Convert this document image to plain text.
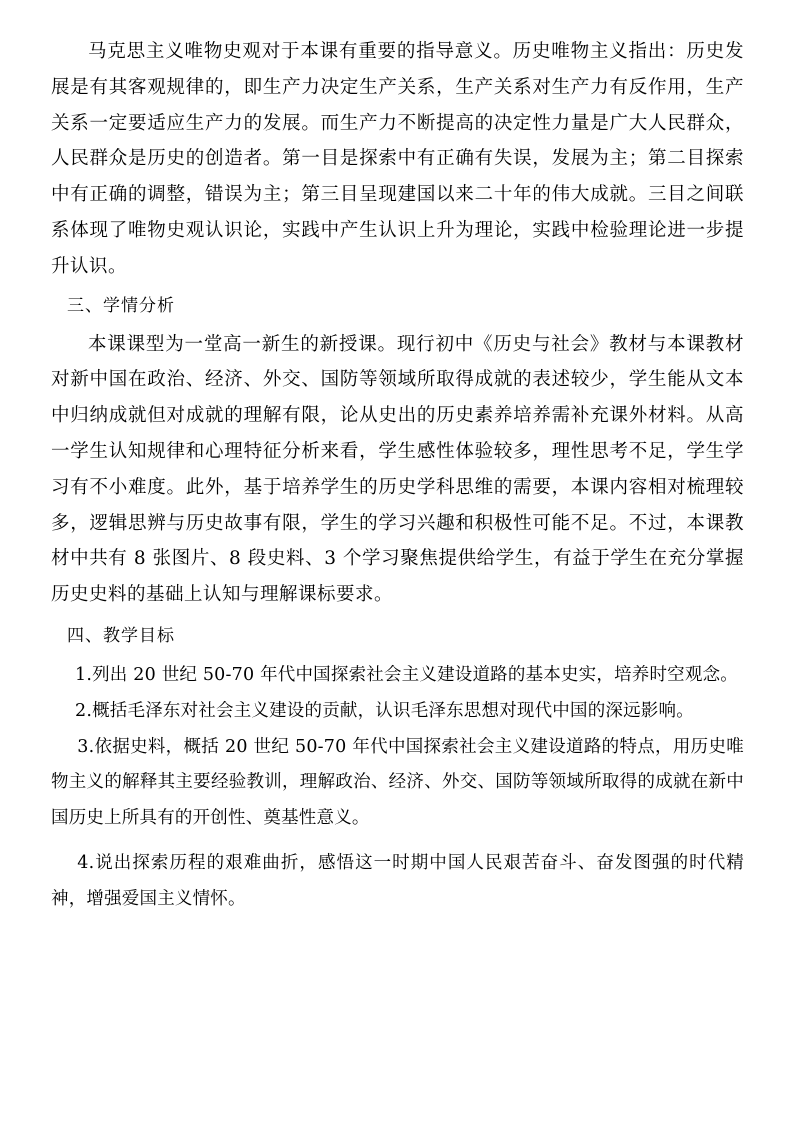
马克思主义唯物史观对于本课有重要的指导意义。历史唯物主义指出：历史发展是有其客观规律的，即生产力决定生产关系，生产关系对生产力有反作用，生产关系一定要适应生产力的发展。而生产力不断提高的决定性力量是广大人民群众，人民群众是历史的创造者。第一目是探索中有正确有失误，发展为主；第二目探索中有正确的调整，错误为主；第三目呈现建国以来二十年的伟大成就。三目之间联系体现了唯物史观认识论，实践中产生认识上升为理论，实践中检验理论进一步提升认识。

三、学情分析

本课课型为一堂高一新生的新授课。现行初中《历史与社会》教材与本课教材对新中国在政治、经济、外交、国防等领域所取得成就的表述较少，学生能从文本中归纳成就但对成就的理解有限，论从史出的历史素养培养需补充课外材料。从高一学生认知规律和心理特征分析来看，学生感性体验较多，理性思考不足，学生学习有不小难度。此外，基于培养学生的历史学科思维的需要，本课内容相对梳理较多，逻辑思辨与历史故事有限，学生的学习兴趣和积极性可能不足。不过，本课教材中共有 8 张图片、8 段史料、3 个学习聚焦提供给学生，有益于学生在充分掌握历史史料的基础上认知与理解课标要求。

四、教学目标

1.列出 20 世纪 50-70 年代中国探索社会主义建设道路的基本史实，培养时空观念。

2.概括毛泽东对社会主义建设的贡献，认识毛泽东思想对现代中国的深远影响。

3.依据史料，概括 20 世纪 50-70 年代中国探索社会主义建设道路的特点，用历史唯物主义的解释其主要经验教训，理解政治、经济、外交、国防等领域所取得的成就在新中国历史上所具有的开创性、奠基性意义。

4.说出探索历程的艰难曲折，感悟这一时期中国人民艰苦奋斗、奋发图强的时代精神，增强爱国主义情怀。
